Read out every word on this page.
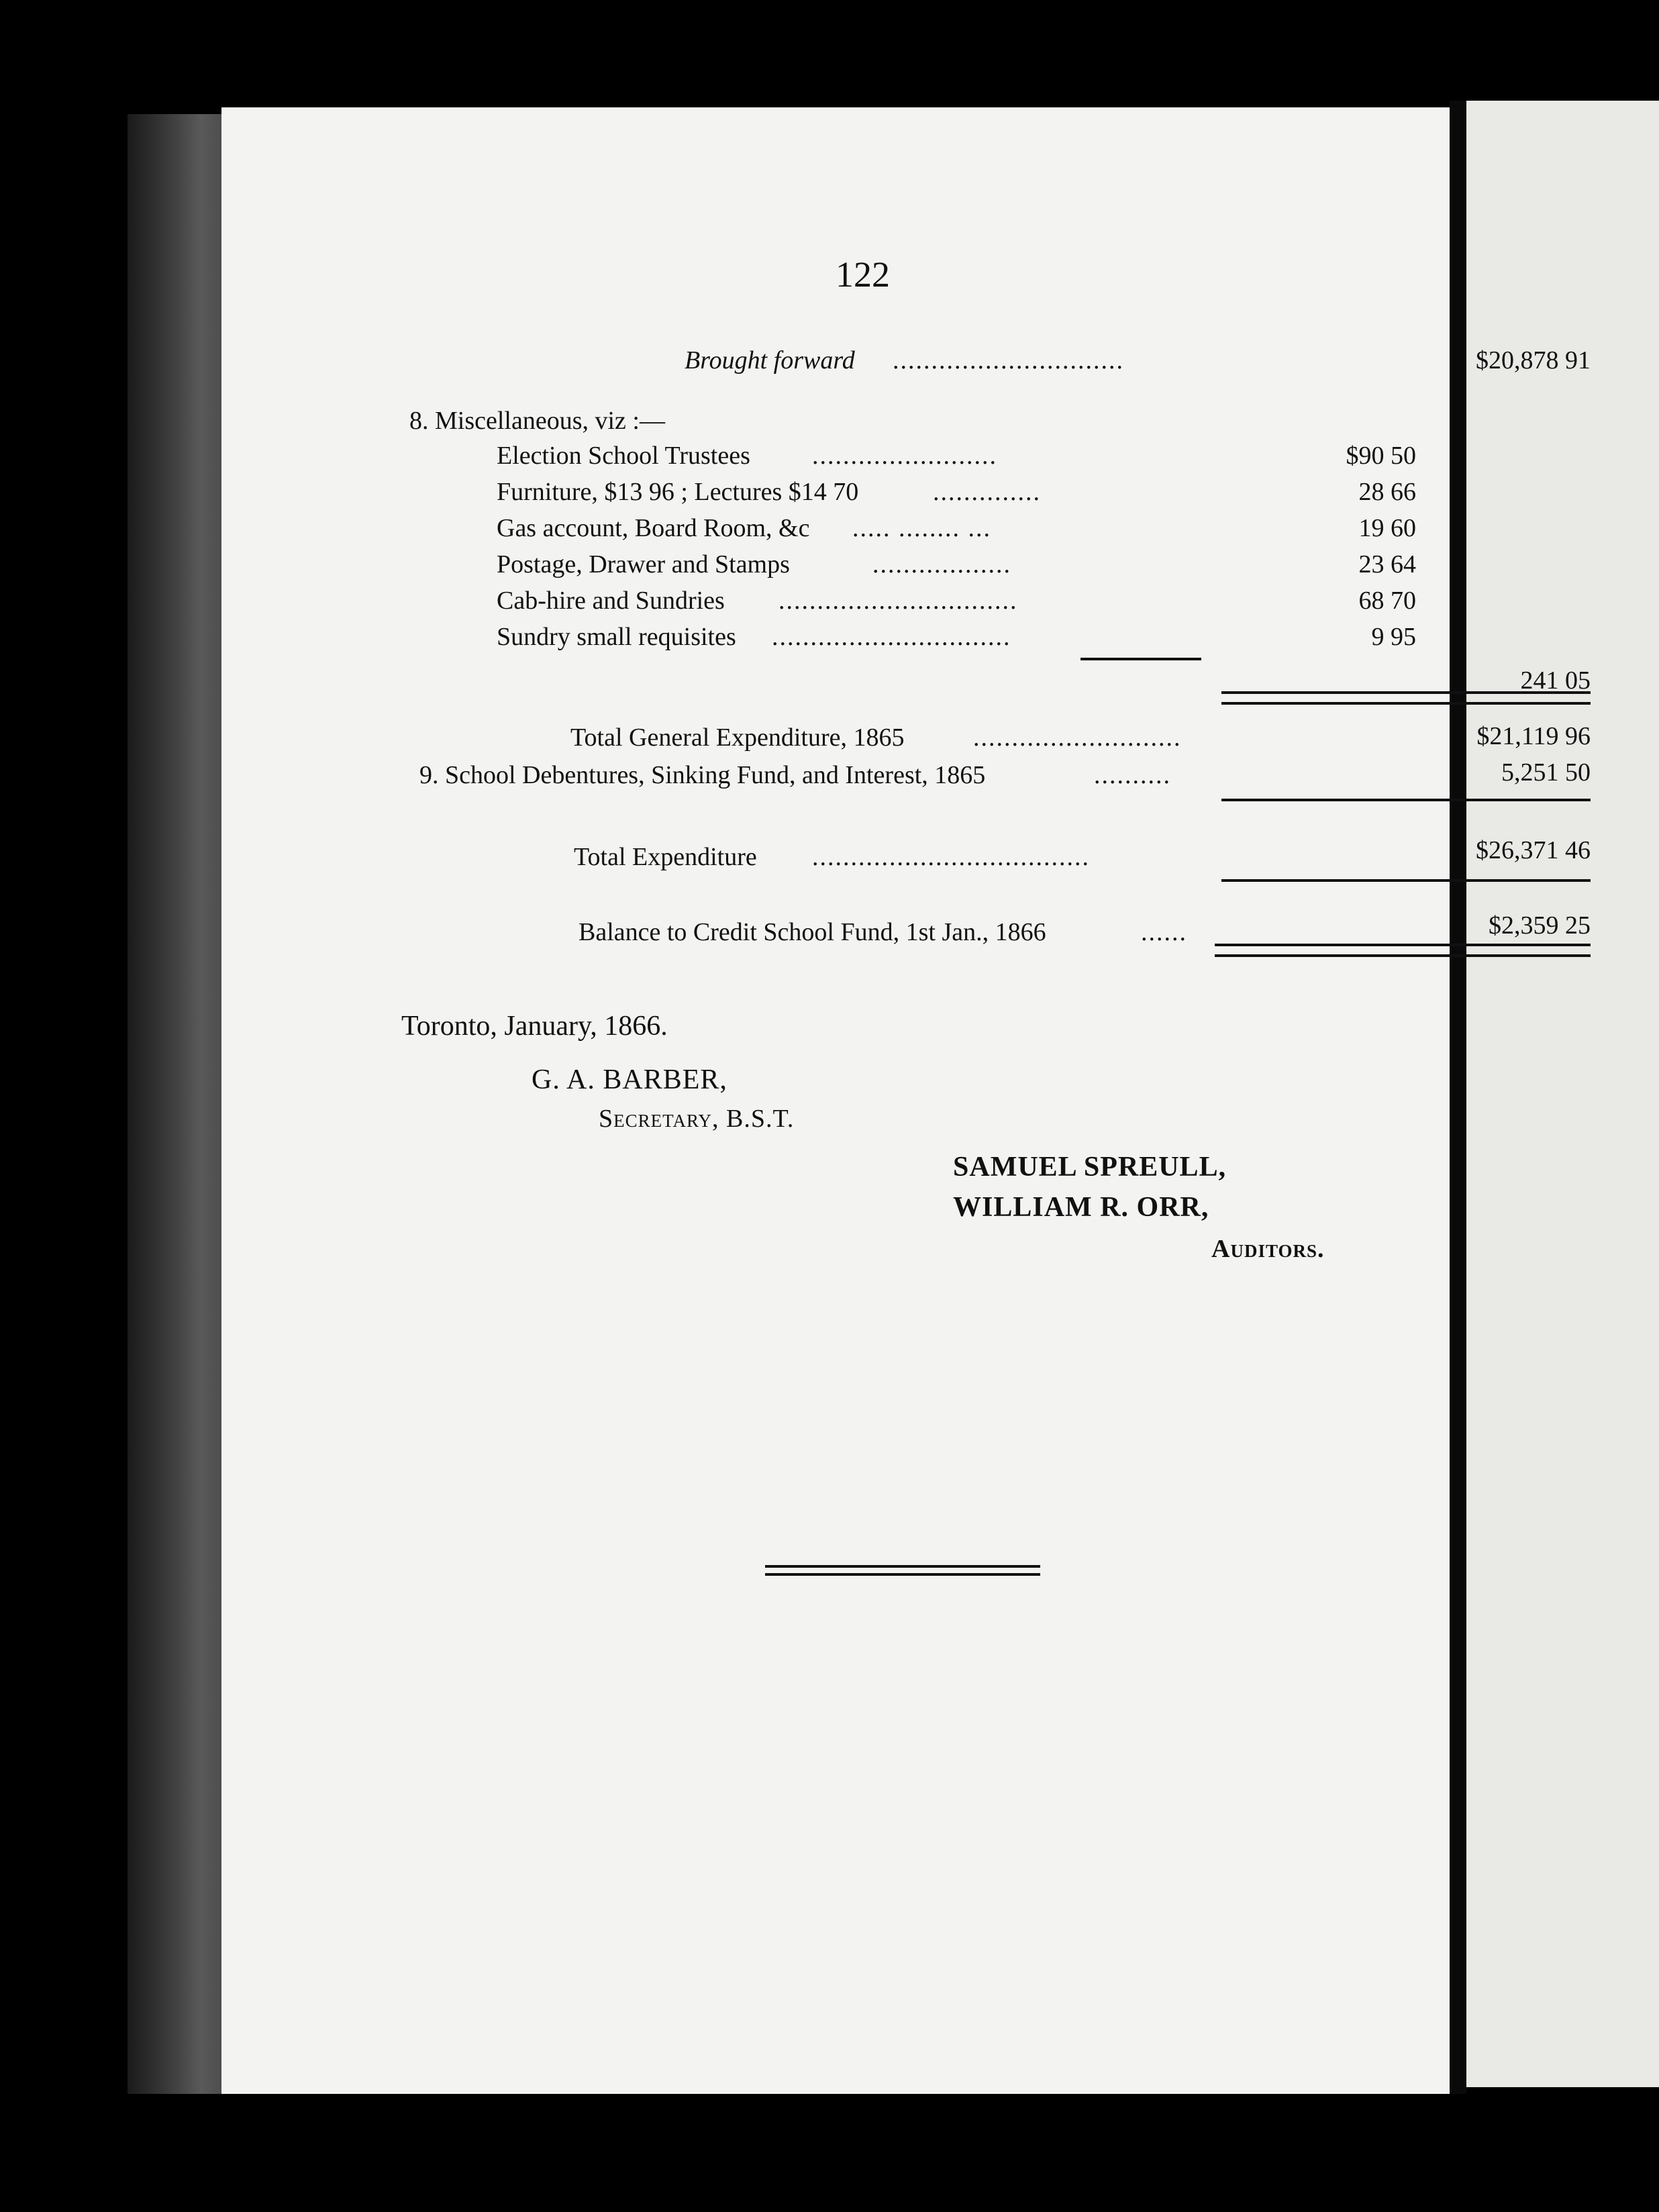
122
Brought forward ..............................	$20,878 91
8. Miscellaneous, viz :—
Election School Trustees ........................	$90 50
Furniture, $13 96 ; Lectures $14 70	..............	28 66
Gas account, Board Room, &c ..... ........ ...	19 60
Postage, Drawer and Stamps	..................	23 64
Cab-hire and Sundries ...............................	68 70
Sundry small requisites ...............................	9 95
241 05
Total General Expenditure, 1865	...........................	$21,119 96
9. School Debentures, Sinking Fund, and Interest, 1865	..........	5,251 50
Total Expenditure ....................................	$26,371 46
Balance to Credit School Fund, 1st Jan., 1866	......	$2,359 25
Toronto, January, 1866.
G. A. BARBER,
Secretary, B.S.T.
SAMUEL SPREULL,
WILLIAM R. ORR,
Auditors.
